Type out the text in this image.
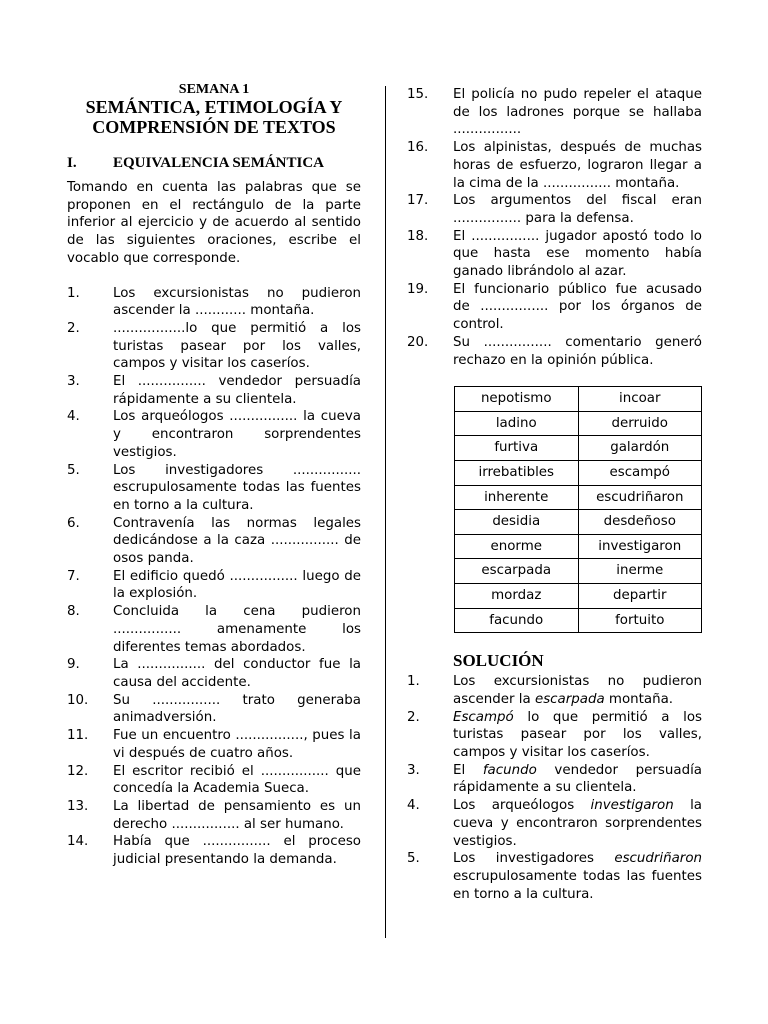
SEMANA 1
SEMÁNTICA, ETIMOLOGÍA Y
COMPRENSIÓN DE TEXTOS
I.	EQUIVALENCIA SEMÁNTICA
Tomando en cuenta las palabras que se proponen en el rectángulo de la parte inferior al ejercicio y de acuerdo al sentido de las siguientes oraciones, escribe el vocablo que corresponde.
1.	Los excursionistas no pudieron ascender la ............ montaña.
2.	.................lo que permitió a los turistas pasear por los valles, campos y visitar los caseríos.
3.	El ................ vendedor persuadía rápidamente a su clientela.
4.	Los arqueólogos ................ la cueva y encontraron sorprendentes vestigios.
5.	Los investigadores ................ escrupulosamente todas las fuentes en torno a la cultura.
6.	Contravenía las normas legales dedicándose a la caza ................ de osos panda.
7.	El edificio quedó ................ luego de la explosión.
8.	Concluida la cena pudieron ................ amenamente los diferentes temas abordados.
9.	La ................ del conductor fue la causa del accidente.
10.	Su ................ trato generaba animadversión.
11.	Fue un encuentro ................, pues la vi después de cuatro años.
12.	El escritor recibió el ................ que concedía la Academia Sueca.
13.	La libertad de pensamiento es un derecho ................ al ser humano.
14.	Había que ................ el proceso judicial presentando la demanda.
15.	El policía no pudo repeler el ataque de los ladrones porque se hallaba ................
16.	Los alpinistas, después de muchas horas de esfuerzo, lograron llegar a la cima de la ................ montaña.
17.	Los argumentos del fiscal eran ................ para la defensa.
18.	El ................ jugador apostó todo lo que hasta ese momento había ganado librándolo al azar.
19.	El funcionario público fue acusado de ................ por los órganos de control.
20.	Su ................ comentario generó rechazo en la opinión pública.
nepotismo	incoar
ladino	derruido
furtiva	galardón
irrebatibles	escampó
inherente	escudriñaron
desidia	desdeñoso
enorme	investigaron
escarpada	inerme
mordaz	departir
facundo	fortuito
SOLUCIÓN
1.	Los excursionistas no pudieron ascender la escarpada montaña.
2.	Escampó lo que permitió a los turistas pasear por los valles, campos y visitar los caseríos.
3.	El facundo vendedor persuadía rápidamente a su clientela.
4.	Los arqueólogos investigaron la cueva y encontraron sorprendentes vestigios.
5.	Los investigadores escudriñaron escrupulosamente todas las fuentes en torno a la cultura.
